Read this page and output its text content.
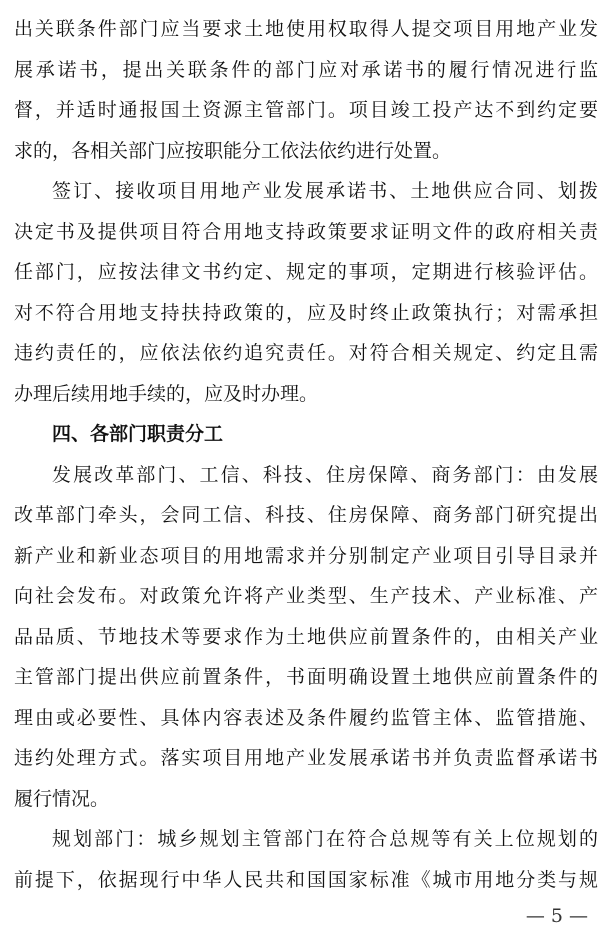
出关联条件部门应当要求土地使用权取得人提交项目用地产业发
展承诺书，提出关联条件的部门应对承诺书的履行情况进行监
督，并适时通报国土资源主管部门。项目竣工投产达不到约定要
求的，各相关部门应按职能分工依法依约进行处置。
签订、接收项目用地产业发展承诺书、土地供应合同、划拨
决定书及提供项目符合用地支持政策要求证明文件的政府相关责
任部门，应按法律文书约定、规定的事项，定期进行核验评估。
对不符合用地支持扶持政策的，应及时终止政策执行；对需承担
违约责任的，应依法依约追究责任。对符合相关规定、约定且需
办理后续用地手续的，应及时办理。
四、各部门职责分工
发展改革部门、工信、科技、住房保障、商务部门：由发展
改革部门牵头，会同工信、科技、住房保障、商务部门研究提出
新产业和新业态项目的用地需求并分别制定产业项目引导目录并
向社会发布。对政策允许将产业类型、生产技术、产业标准、产
品品质、节地技术等要求作为土地供应前置条件的，由相关产业
主管部门提出供应前置条件，书面明确设置土地供应前置条件的
理由或必要性、具体内容表述及条件履约监管主体、监管措施、
违约处理方式。落实项目用地产业发展承诺书并负责监督承诺书
履行情况。
规划部门：城乡规划主管部门在符合总规等有关上位规划的
前提下，依据现行中华人民共和国国家标准《城市用地分类与规
— 5 —
